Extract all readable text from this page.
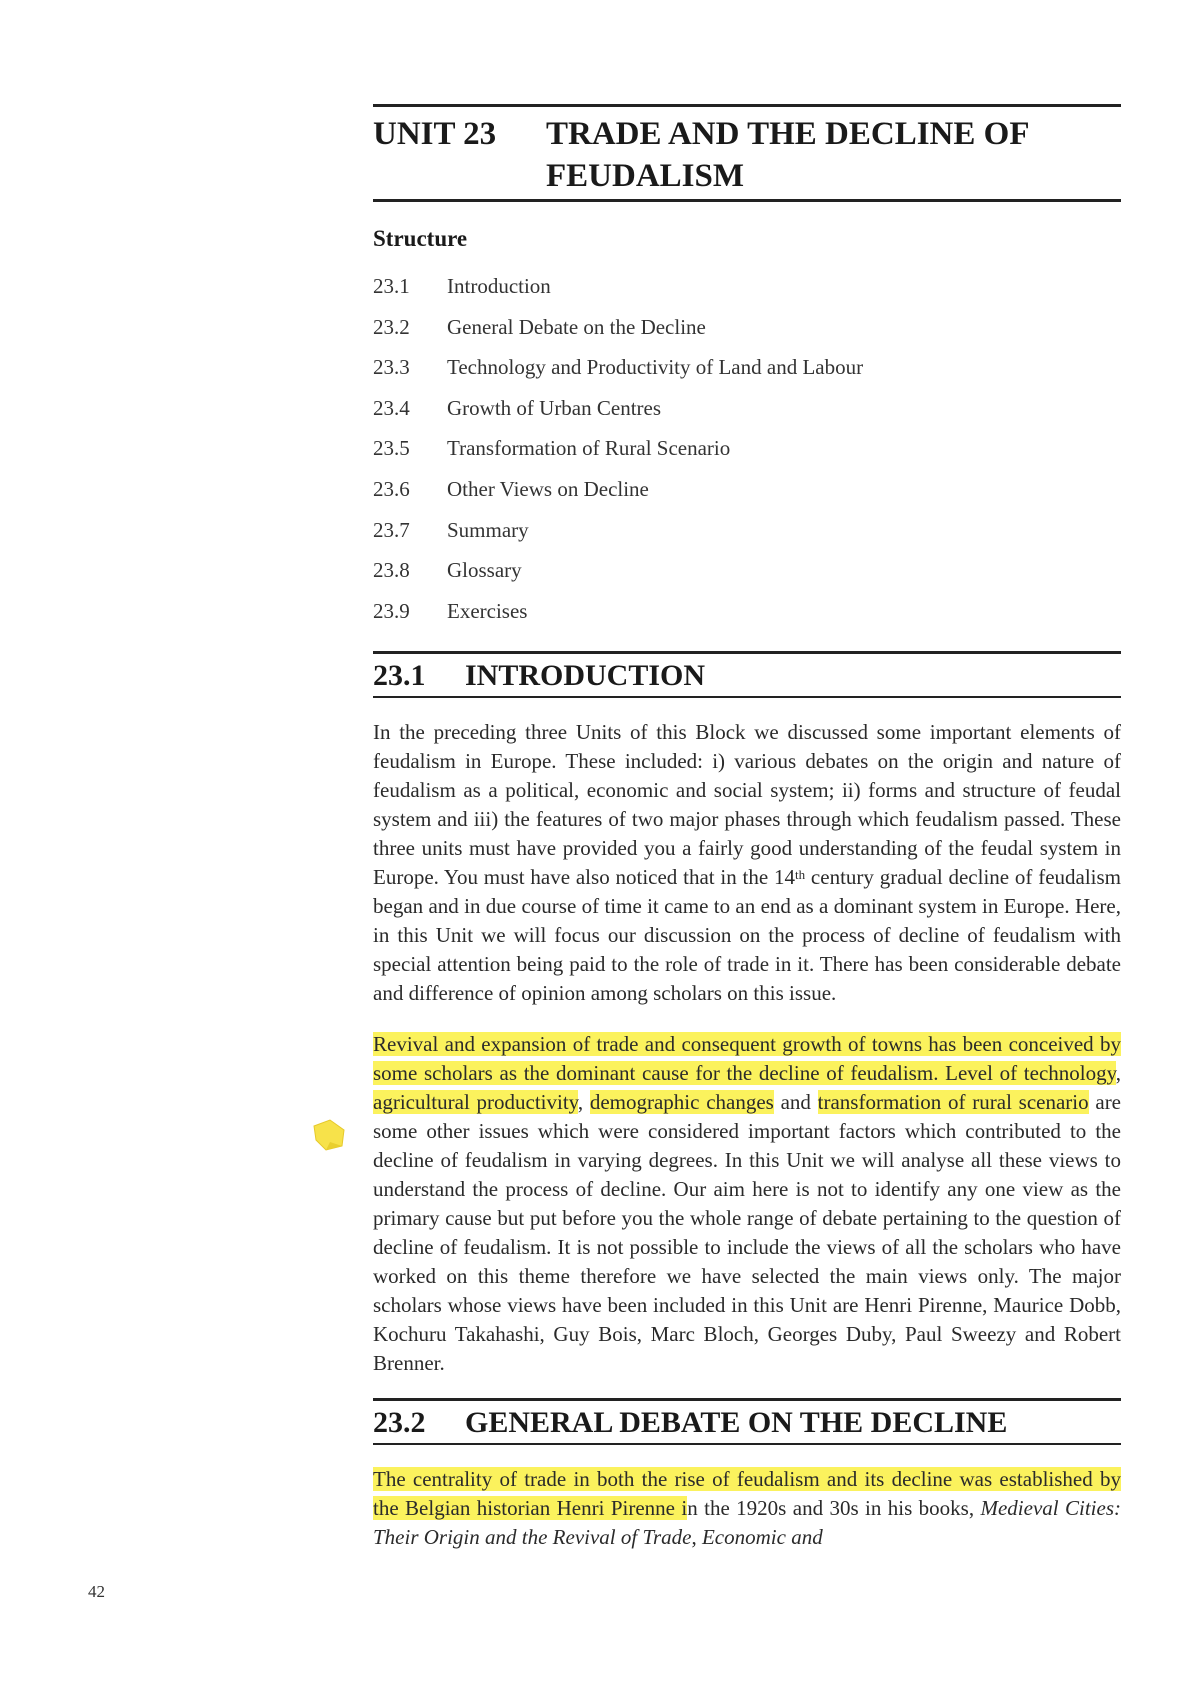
UNIT 23	TRADE AND THE DECLINE OF
FEUDALISM
Structure
23.1	Introduction
23.2	General Debate on the Decline
23.3	Technology and Productivity of Land and Labour
23.4	Growth of Urban Centres
23.5	Transformation of Rural Scenario
23.6	Other Views on Decline
23.7	Summary
23.8	Glossary
23.9	Exercises
23.1	INTRODUCTION

In the preceding three Units of this Block we discussed some important elements of feudalism in Europe. These included: i) various debates on the origin and nature of feudalism as a political, economic and social system; ii) forms and structure of feudal system and iii) the features of two major phases through which feudalism passed. These three units must have provided you a fairly good understanding of the feudal system in Europe. You must have also noticed that in the 14th century gradual decline of feudalism began and in due course of time it came to an end as a dominant system in Europe. Here, in this Unit we will focus our discussion on the process of decline of feudalism with special attention being paid to the role of trade in it. There has been considerable debate and difference of opinion among scholars on this issue.

Revival and expansion of trade and consequent growth of towns has been conceived by some scholars as the dominant cause for the decline of feudalism. Level of technology, agricultural productivity, demographic changes and transformation of rural scenario are some other issues which were considered important factors which contributed to the decline of feudalism in varying degrees. In this Unit we will analyse all these views to understand the process of decline. Our aim here is not to identify any one view as the primary cause but put before you the whole range of debate pertaining to the question of decline of feudalism. It is not possible to include the views of all the scholars who have worked on this theme therefore we have selected the main views only. The major scholars whose views have been included in this Unit are Henri Pirenne, Maurice Dobb, Kochuru Takahashi, Guy Bois, Marc Bloch, Georges Duby, Paul Sweezy and Robert Brenner.

23.2	GENERAL DEBATE ON THE DECLINE

The centrality of trade in both the rise of feudalism and its decline was established by the Belgian historian Henri Pirenne in the 1920s and 30s in his books, Medieval Cities: Their Origin and the Revival of Trade, Economic and

42
